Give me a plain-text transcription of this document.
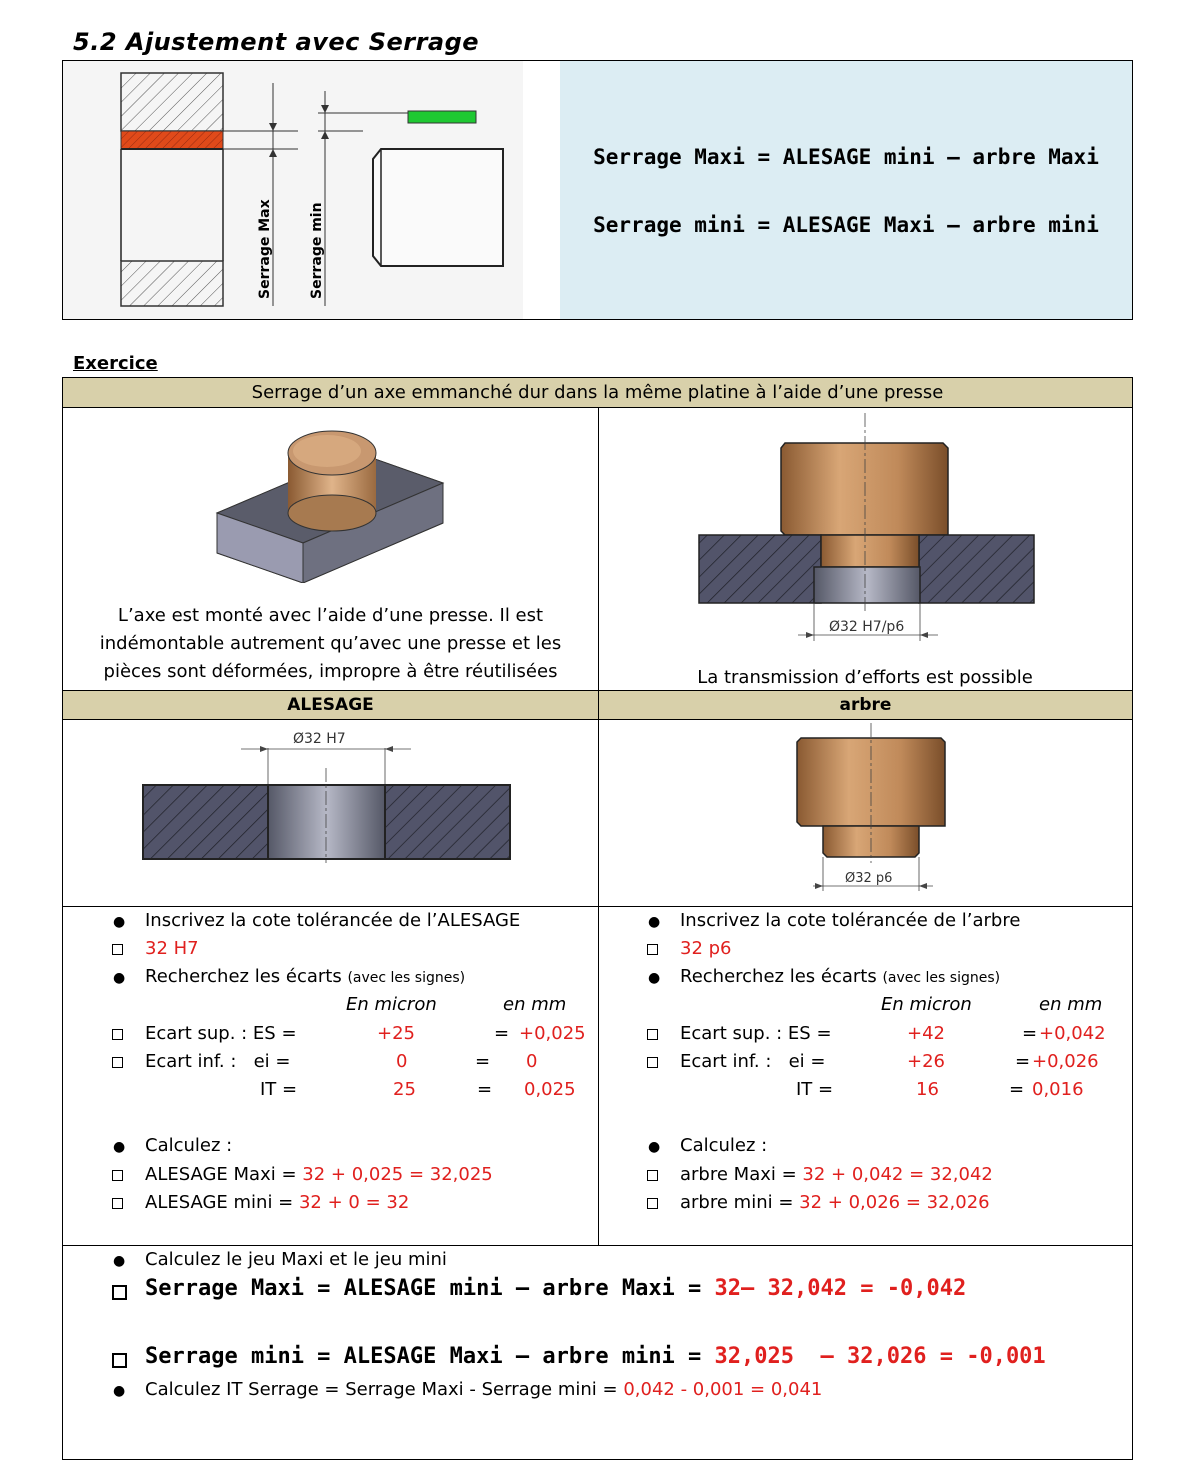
5.2 Ajustement avec Serrage
Serrage Max	Serrage min
Serrage Maxi = ALESAGE mini – arbre Maxi
Serrage mini = ALESAGE Maxi – arbre mini
Exercice
Serrage d’un axe emmanché dur dans la même platine à l’aide d’une presse
L’axe est monté avec l’aide d’une presse. Il est
indémontable autrement qu’avec une presse et les
pièces sont déformées, impropre à être réutilisées
Ø32 H7/p6
La transmission d’efforts est possible
ALESAGE	arbre
Ø32 H7
Ø32 p6
● Inscrivez la cote tolérancée de l’ALESAGE
32 H7
● Recherchez les écarts (avec les signes)
En micron	en mm
Ecart sup. : ES =	+25	= +0,025
Ecart inf. :   ei =	0	= 0
IT =	25	= 0,025
● Calculez :
ALESAGE Maxi = 32 + 0,025 = 32,025
ALESAGE mini = 32 + 0 = 32
● Inscrivez la cote tolérancée de l’arbre
32 p6
● Recherchez les écarts (avec les signes)
En micron	en mm
Ecart sup. : ES =	+42	= +0,042
Ecart inf. :   ei =	+26	= +0,026
IT =	16	= 0,016
● Calculez :
arbre Maxi = 32 + 0,042 = 32,042
arbre mini = 32 + 0,026 = 32,026
● Calculez le jeu Maxi et le jeu mini
Serrage Maxi = ALESAGE mini – arbre Maxi = 32– 32,042 = -0,042
Serrage mini = ALESAGE Maxi – arbre mini = 32,025  – 32,026 = -0,001
● Calculez IT Serrage = Serrage Maxi - Serrage mini = 0,042 - 0,001 = 0,041
